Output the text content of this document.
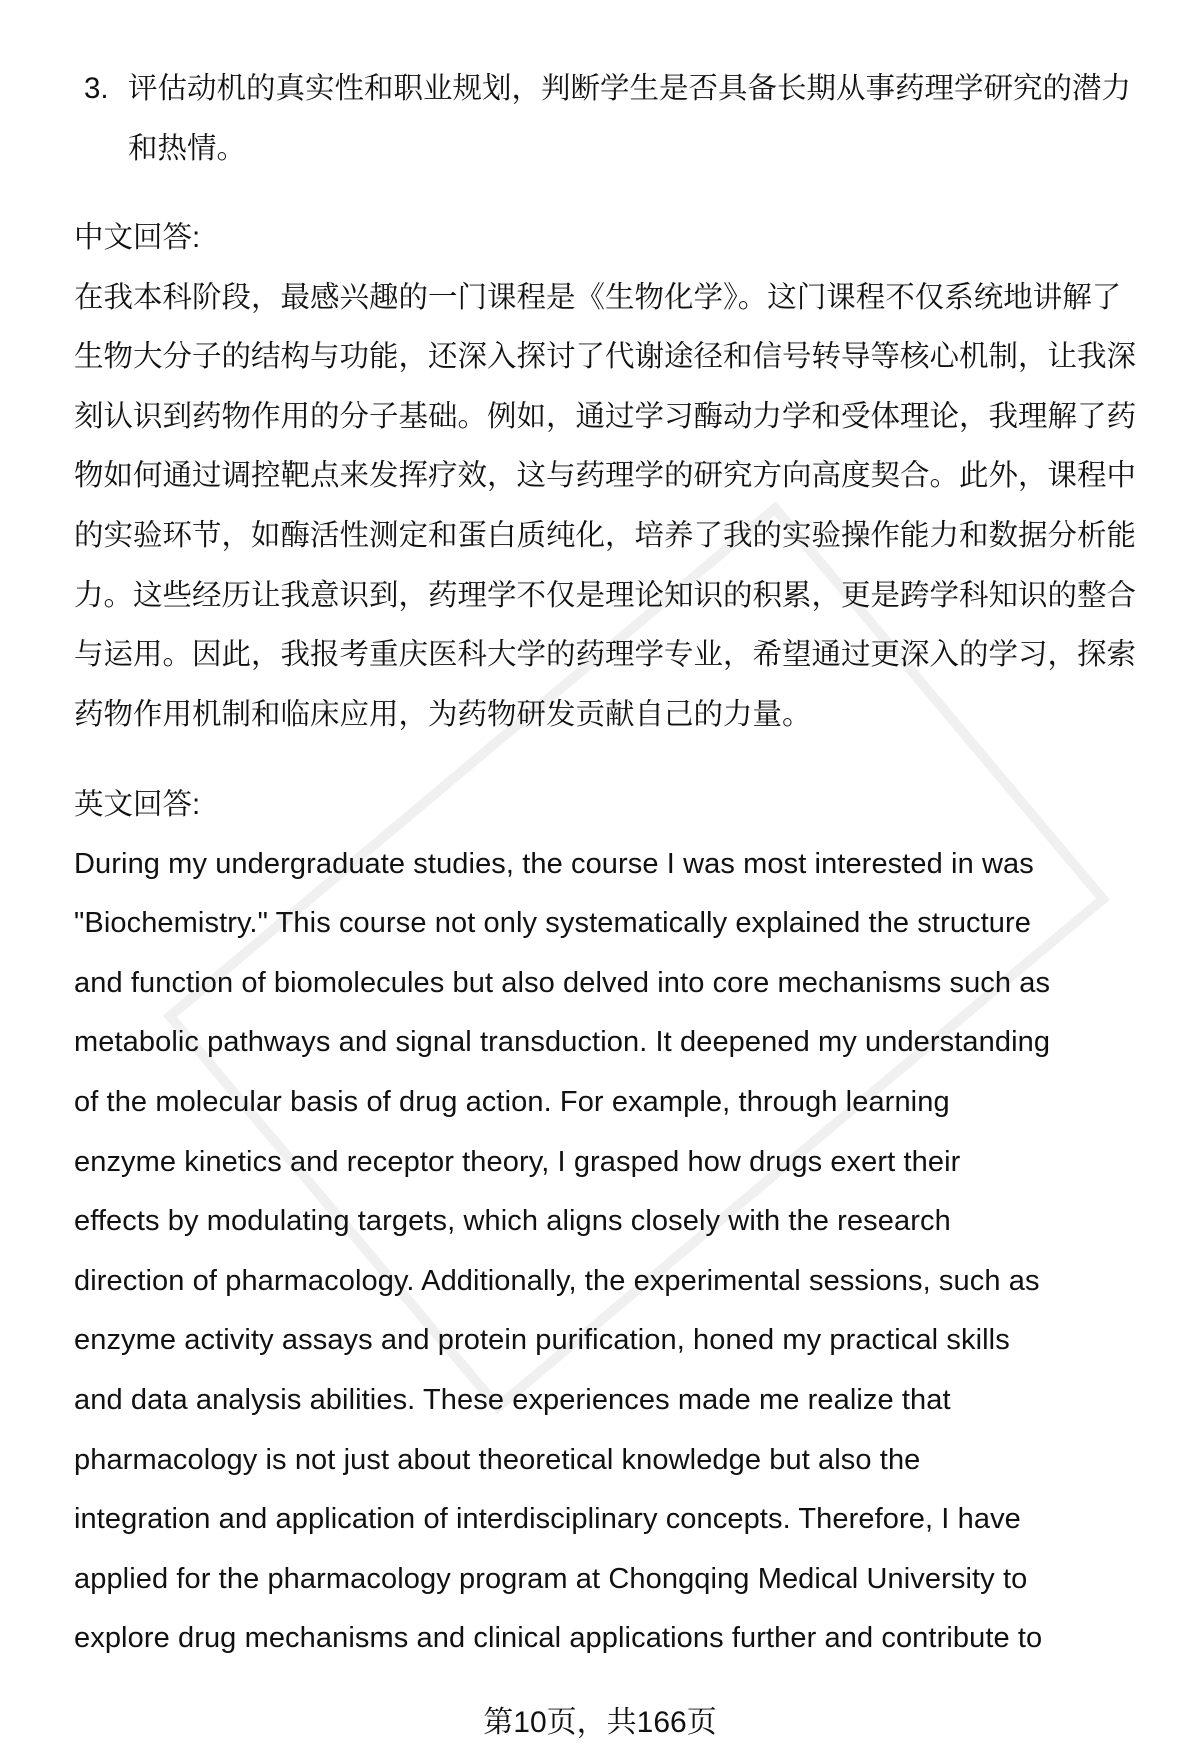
3. 评估动机的真实性和职业规划，判断学生是否具备长期从事药理学研究的潜力
和热情。
中文回答:
在我本科阶段，最感兴趣的一门课程是《生物化学》。这门课程不仅系统地讲解了
生物大分子的结构与功能，还深入探讨了代谢途径和信号转导等核心机制，让我深
刻认识到药物作用的分子基础。例如，通过学习酶动力学和受体理论，我理解了药
物如何通过调控靶点来发挥疗效，这与药理学的研究方向高度契合。此外，课程中
的实验环节，如酶活性测定和蛋白质纯化，培养了我的实验操作能力和数据分析能
力。这些经历让我意识到，药理学不仅是理论知识的积累，更是跨学科知识的整合
与运用。因此，我报考重庆医科大学的药理学专业，希望通过更深入的学习，探索
药物作用机制和临床应用，为药物研发贡献自己的力量。
英文回答:
During my undergraduate studies, the course I was most interested in was
"Biochemistry." This course not only systematically explained the structure
and function of biomolecules but also delved into core mechanisms such as
metabolic pathways and signal transduction. It deepened my understanding
of the molecular basis of drug action. For example, through learning
enzyme kinetics and receptor theory, I grasped how drugs exert their
effects by modulating targets, which aligns closely with the research
direction of pharmacology. Additionally, the experimental sessions, such as
enzyme activity assays and protein purification, honed my practical skills
and data analysis abilities. These experiences made me realize that
pharmacology is not just about theoretical knowledge but also the
integration and application of interdisciplinary concepts. Therefore, I have
applied for the pharmacology program at Chongqing Medical University to
explore drug mechanisms and clinical applications further and contribute to
第10页，共166页
